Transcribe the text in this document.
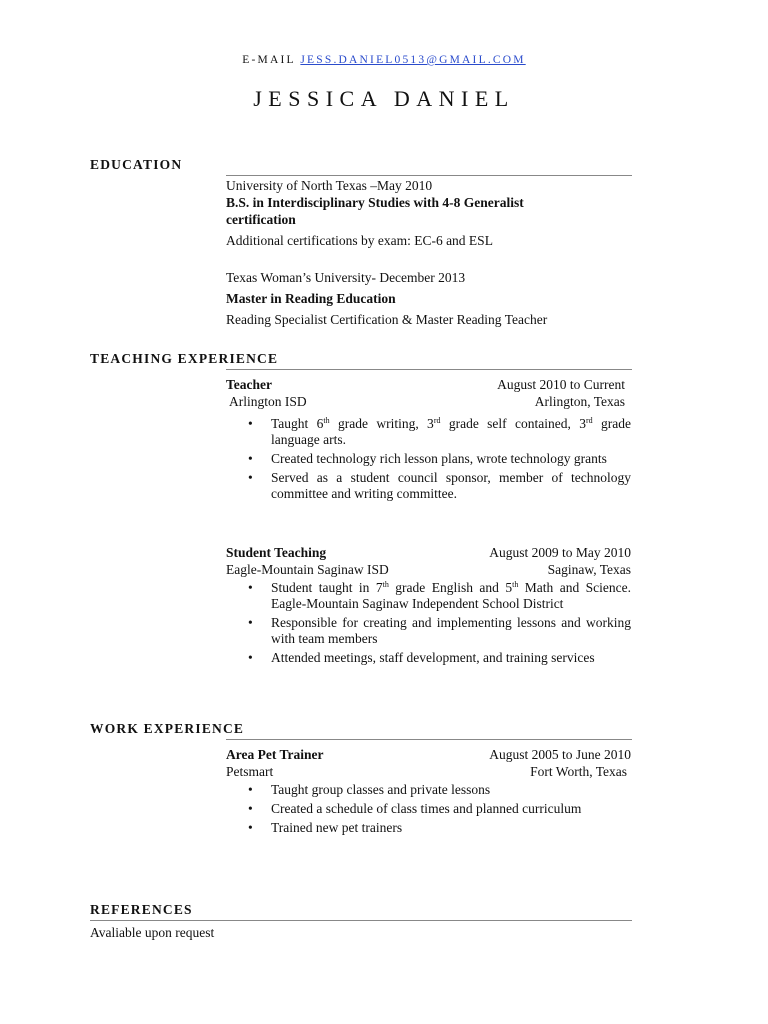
E-MAIL JESS.DANIEL0513@GMAIL.COM
JESSICA DANIEL
EDUCATION
University of North Texas –May 2010
B.S. in Interdisciplinary Studies with 4-8 Generalist
certification
Additional certifications by exam: EC-6 and ESL
Texas Woman’s University- December 2013
Master in Reading Education
Reading Specialist Certification & Master Reading Teacher
TEACHING EXPERIENCE
Teacher	August 2010 to Current
Arlington ISD	Arlington, Texas
• Taught 6th grade writing, 3rd grade self contained, 3rd grade language arts.
• Created technology rich lesson plans, wrote technology grants
• Served as a student council sponsor, member of technology committee and writing committee.
Student Teaching	August 2009 to May 2010
Eagle-Mountain Saginaw ISD	Saginaw, Texas
• Student taught in 7th grade English and 5th Math and Science. Eagle-Mountain Saginaw Independent School District
• Responsible for creating and implementing lessons and working with team members
• Attended meetings, staff development, and training services
WORK EXPERIENCE
Area Pet Trainer	August 2005 to June 2010
Petsmart	Fort Worth, Texas
• Taught group classes and private lessons
• Created a schedule of class times and planned curriculum
• Trained new pet trainers
REFERENCES
Avaliable upon request
